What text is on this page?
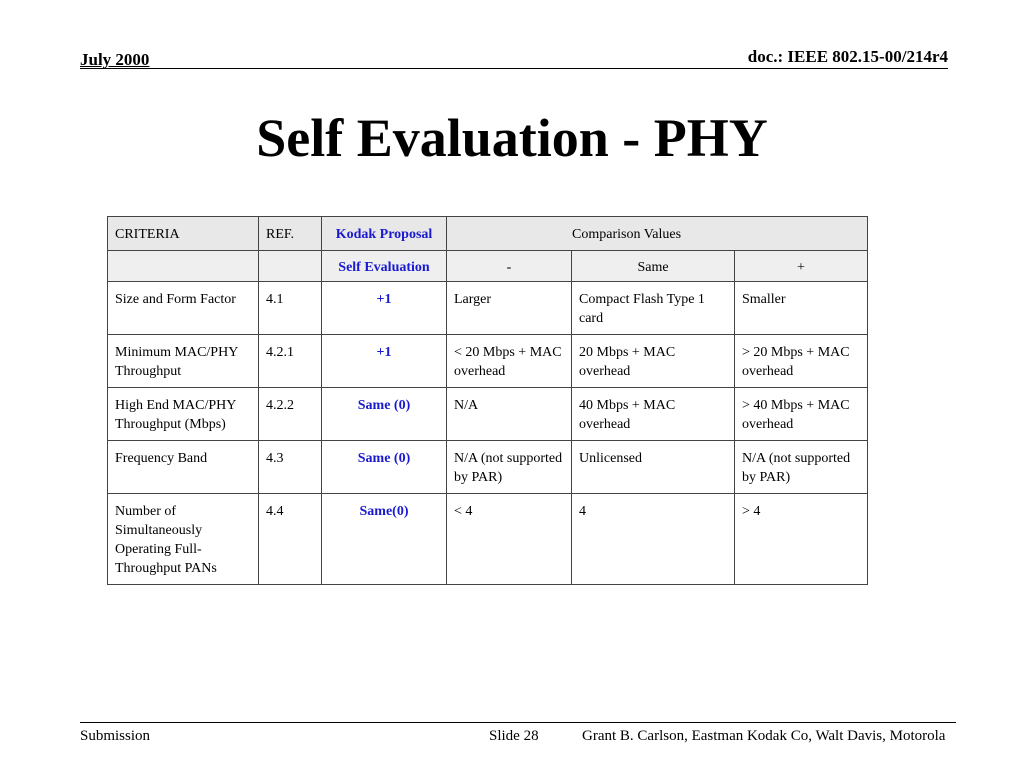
July 2000	doc.: IEEE 802.15-00/214r4
Self Evaluation - PHY
CRITERIA	REF.	Kodak Proposal	Comparison Values		
		Self Evaluation	-	Same	+
Size and Form Factor	4.1	+1	Larger	Compact Flash Type 1 card	Smaller
Minimum MAC/PHY Throughput	4.2.1	+1	< 20 Mbps + MAC overhead	20 Mbps + MAC overhead	> 20 Mbps + MAC overhead
High End MAC/PHY Throughput (Mbps)	4.2.2	Same (0)	N/A	40 Mbps + MAC overhead	> 40 Mbps + MAC overhead
Frequency Band	4.3	Same (0)	N/A (not supported by PAR)	Unlicensed	N/A (not supported by PAR)
Number of Simultaneously Operating Full-Throughput PANs	4.4	Same(0)	< 4	4	> 4
Submission	Slide 28	Grant B. Carlson, Eastman Kodak Co, Walt Davis, Motorola
